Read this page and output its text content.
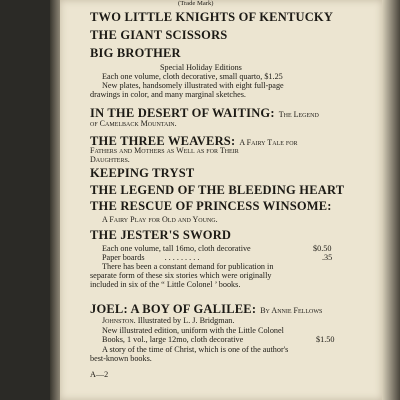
(Trade Mark)
TWO LITTLE KNIGHTS OF KENTUCKY
THE GIANT SCISSORS
BIG BROTHER
Special Holiday Editions
Each one volume, cloth decorative, small quarto, $1.25
New plates, handsomely illustrated with eight full-page
drawings in color, and many marginal sketches.
IN THE DESERT OF WAITING: The Legend
of Camelback Mountain.
THE THREE WEAVERS: A Fairy Tale for
Fathers and Mothers as Well as for Their
Daughters.
KEEPING TRYST
THE LEGEND OF THE BLEEDING HEART
THE RESCUE OF PRINCESS WINSOME:
A Fairy Play for Old and Young.
THE JESTER'S SWORD
Each one volume, tall 16mo, cloth decorative	$0.50
Paper boards . . . . . . . . .	.35
There has been a constant demand for publication in
separate form of these six stories which were originally
included in six of the “ Little Colonel ’ books.
JOEL: A BOY OF GALILEE: By Annie Fellows
Johnston. Illustrated by L. J. Bridgman.
New illustrated edition, uniform with the Little Colonel
Books, 1 vol., large 12mo, cloth decorative	$1.50
A story of the time of Christ, which is one of the author's
best-known books.
A—2
